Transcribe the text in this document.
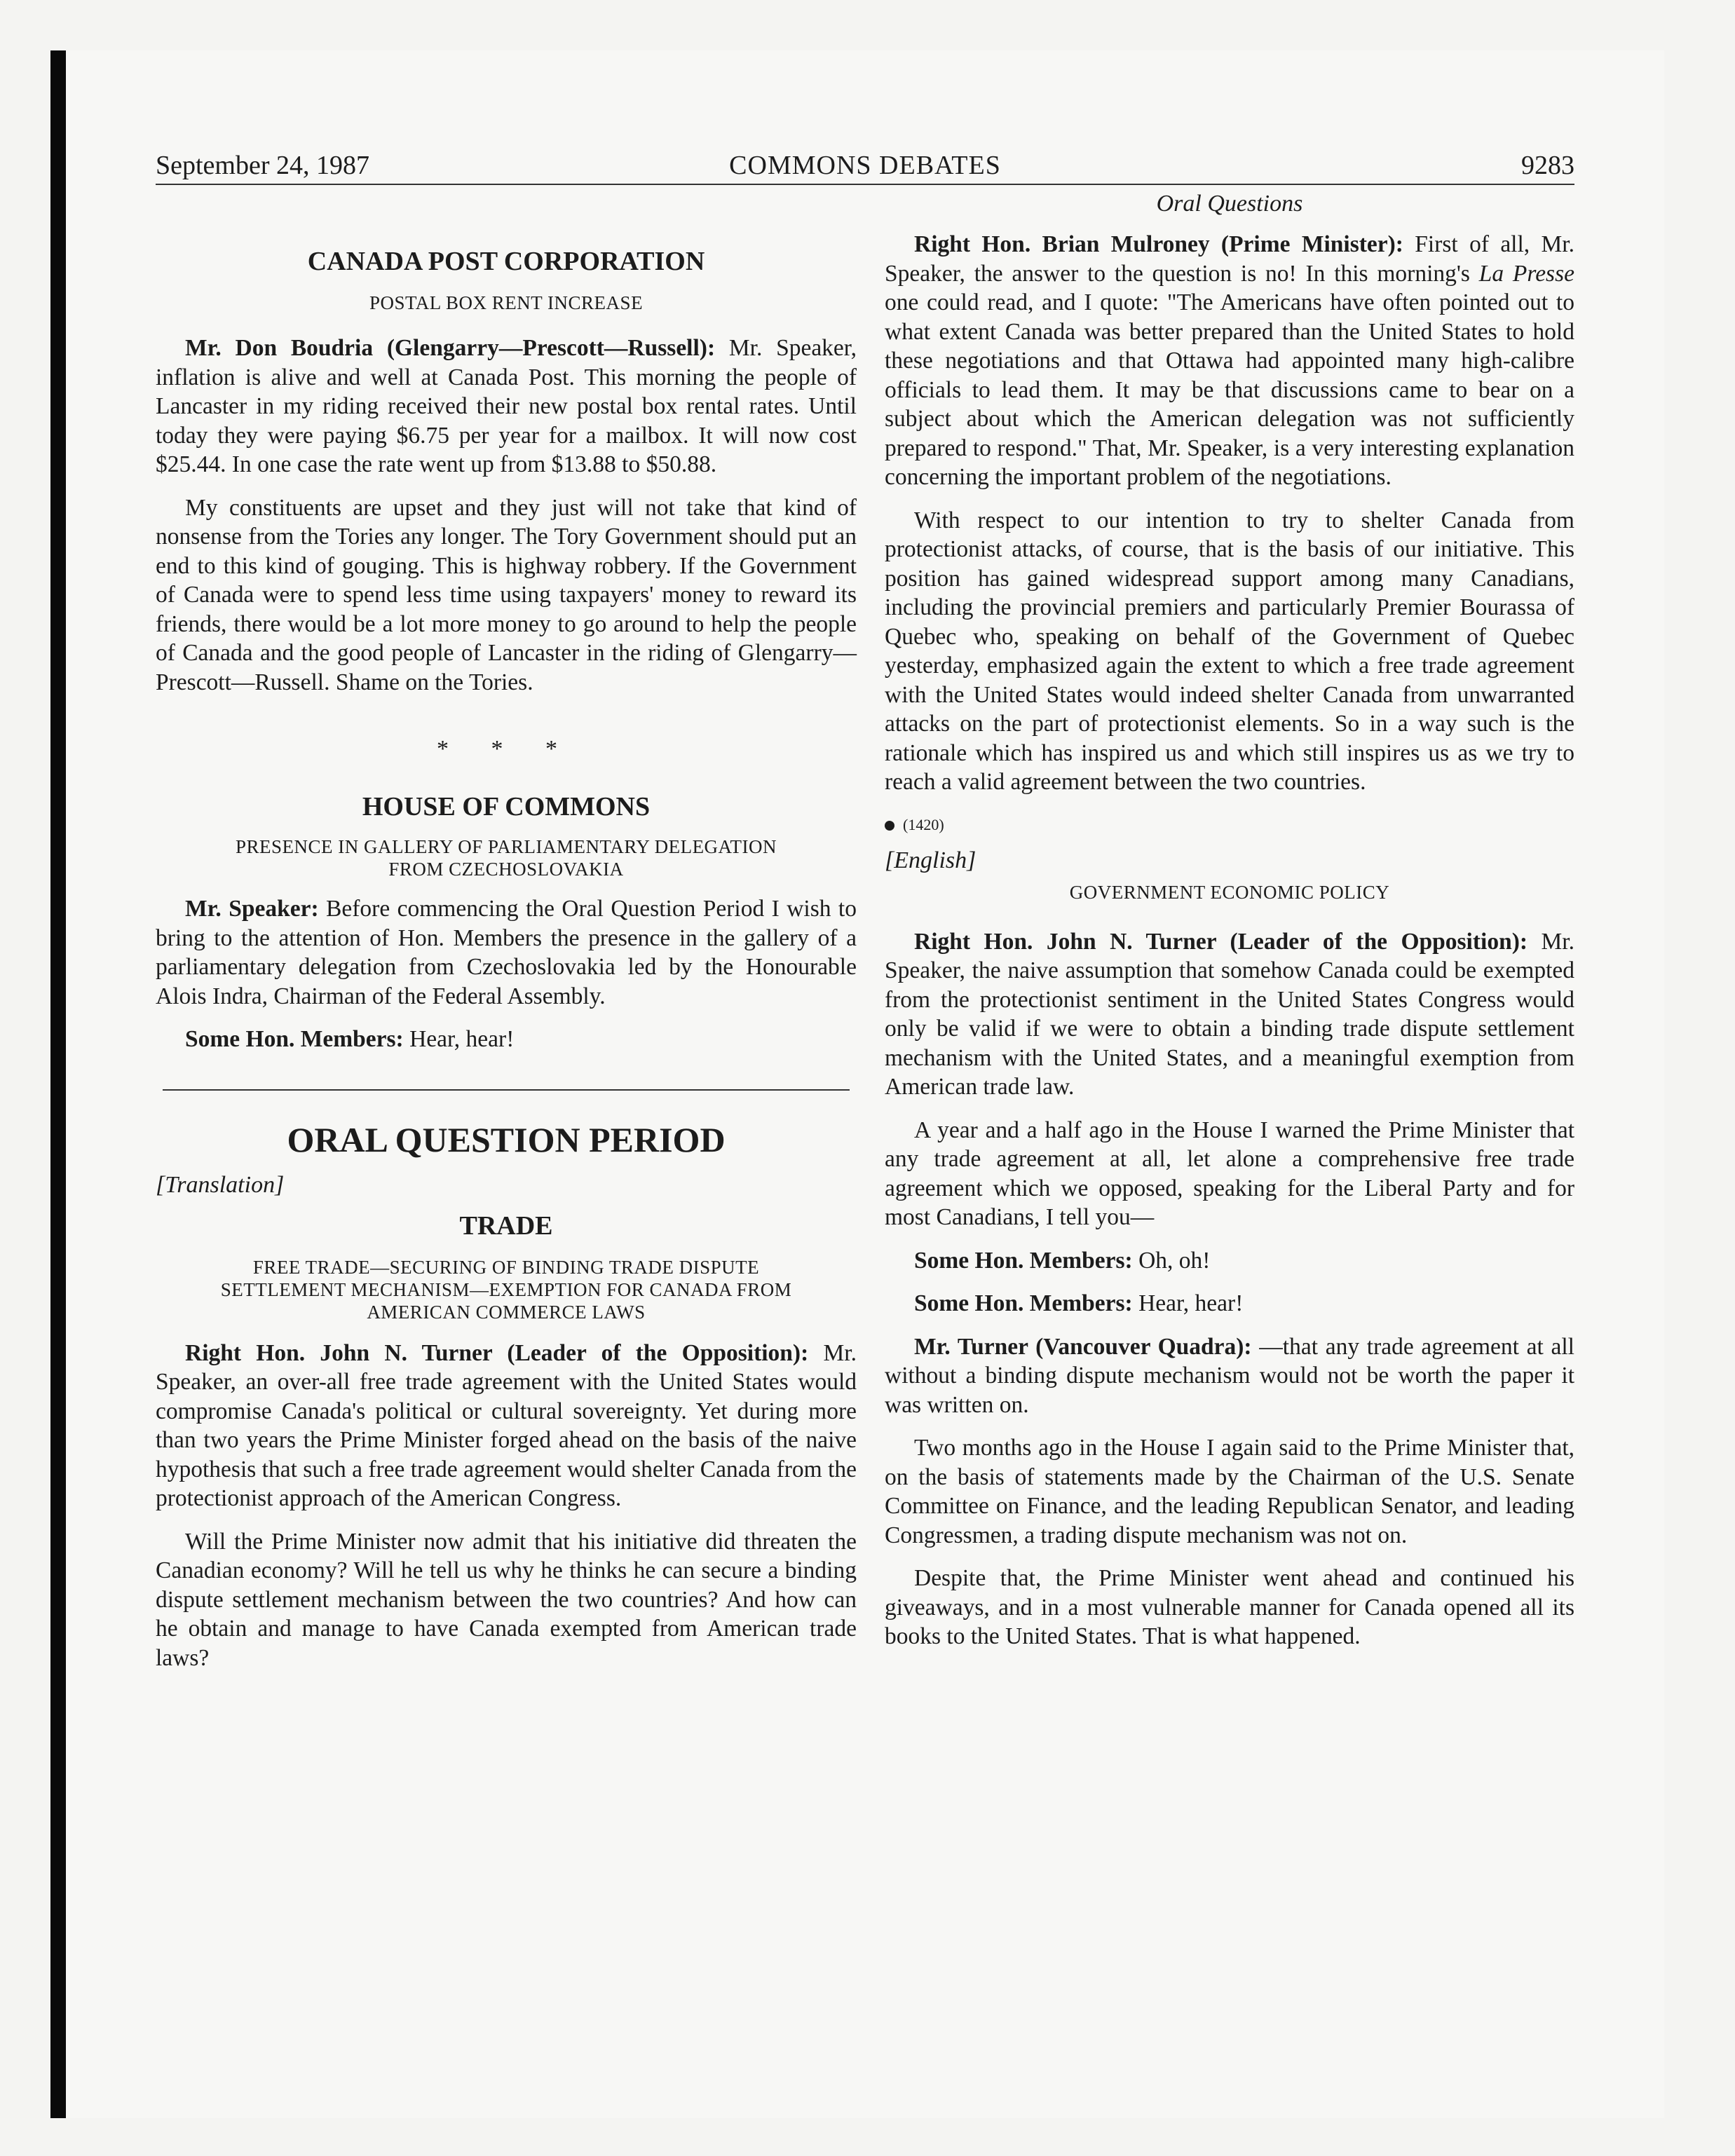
September 24, 1987	COMMONS DEBATES	9283
CANADA POST CORPORATION

POSTAL BOX RENT INCREASE

Mr. Don Boudria (Glengarry—Prescott—Russell): Mr. Speaker, inflation is alive and well at Canada Post. This morning the people of Lancaster in my riding received their new postal box rental rates. Until today they were paying $6.75 per year for a mailbox. It will now cost $25.44. In one case the rate went up from $13.88 to $50.88.

My constituents are upset and they just will not take that kind of nonsense from the Tories any longer. The Tory Government should put an end to this kind of gouging. This is highway robbery. If the Government of Canada were to spend less time using taxpayers' money to reward its friends, there would be a lot more money to go around to help the people of Canada and the good people of Lancaster in the riding of Glengarry—Prescott—Russell. Shame on the Tories.

* * *
HOUSE OF COMMONS

PRESENCE IN GALLERY OF PARLIAMENTARY DELEGATION

FROM CZECHOSLOVAKIA

Mr. Speaker: Before commencing the Oral Question Period I wish to bring to the attention of Hon. Members the presence in the gallery of a parliamentary delegation from Czechoslovakia led by the Honourable Alois Indra, Chairman of the Federal Assembly.

Some Hon. Members: Hear, hear!

ORAL QUESTION PERIOD
[Translation]
TRADE

FREE TRADE—SECURING OF BINDING TRADE DISPUTE

SETTLEMENT MECHANISM—EXEMPTION FOR CANADA FROM

AMERICAN COMMERCE LAWS

Right Hon. John N. Turner (Leader of the Opposition): Mr. Speaker, an over-all free trade agreement with the United States would compromise Canada's political or cultural sovereignty. Yet during more than two years the Prime Minister forged ahead on the basis of the naive hypothesis that such a free trade agreement would shelter Canada from the protectionist approach of the American Congress.

Will the Prime Minister now admit that his initiative did threaten the Canadian economy? Will he tell us why he thinks he can secure a binding dispute settlement mechanism between the two countries? And how can he obtain and manage to have Canada exempted from American trade laws?

Oral Questions

Right Hon. Brian Mulroney (Prime Minister): First of all, Mr. Speaker, the answer to the question is no! In this morning's La Presse one could read, and I quote: "The Americans have often pointed out to what extent Canada was better prepared than the United States to hold these negotiations and that Ottawa had appointed many high-calibre officials to lead them. It may be that discussions came to bear on a subject about which the American delegation was not sufficiently prepared to respond." That, Mr. Speaker, is a very interesting explanation concerning the important problem of the negotiations.

With respect to our intention to try to shelter Canada from protectionist attacks, of course, that is the basis of our initiative. This position has gained widespread support among many Canadians, including the provincial premiers and particularly Premier Bourassa of Quebec who, speaking on behalf of the Government of Quebec yesterday, emphasized again the extent to which a free trade agreement with the United States would indeed shelter Canada from unwarranted attacks on the part of protectionist elements. So in a way such is the rationale which has inspired us and which still inspires us as we try to reach a valid agreement between the two countries.

(1420)
[English]

GOVERNMENT ECONOMIC POLICY

Right Hon. John N. Turner (Leader of the Opposition): Mr. Speaker, the naive assumption that somehow Canada could be exempted from the protectionist sentiment in the United States Congress would only be valid if we were to obtain a binding trade dispute settlement mechanism with the United States, and a meaningful exemption from American trade law.

A year and a half ago in the House I warned the Prime Minister that any trade agreement at all, let alone a comprehensive free trade agreement which we opposed, speaking for the Liberal Party and for most Canadians, I tell you—

Some Hon. Members: Oh, oh!

Some Hon. Members: Hear, hear!

Mr. Turner (Vancouver Quadra): —that any trade agreement at all without a binding dispute mechanism would not be worth the paper it was written on.

Two months ago in the House I again said to the Prime Minister that, on the basis of statements made by the Chairman of the U.S. Senate Committee on Finance, and the leading Republican Senator, and leading Congressmen, a trading dispute mechanism was not on.

Despite that, the Prime Minister went ahead and continued his giveaways, and in a most vulnerable manner for Canada opened all its books to the United States. That is what happened.
